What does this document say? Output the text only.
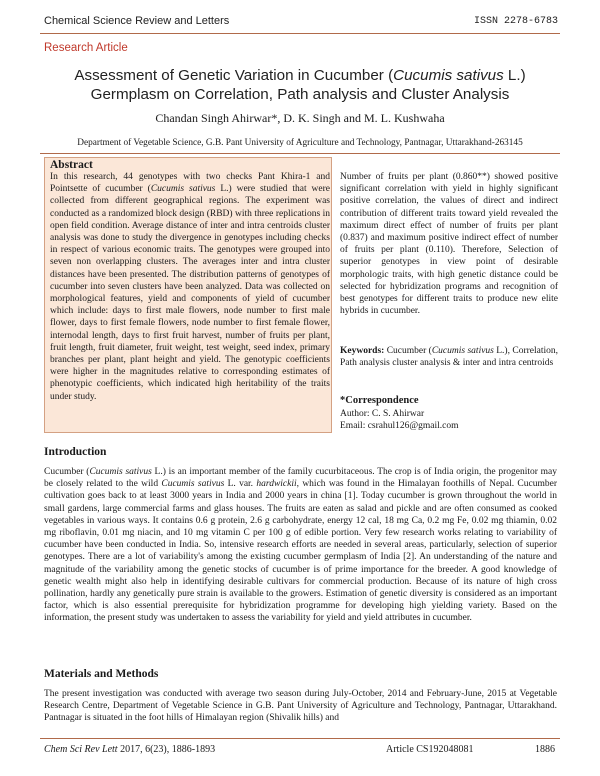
Chemical Science Review and Letters	ISSN 2278-6783
Research Article
Assessment of Genetic Variation in Cucumber (Cucumis sativus L.)
Germplasm on Correlation, Path analysis and Cluster Analysis
Chandan Singh Ahirwar*, D. K. Singh and M. L. Kushwaha
Department of Vegetable Science, G.B. Pant University of Agriculture and Technology, Pantnagar, Uttarakhand-263145
Abstract
In this research, 44 genotypes with two checks Pant Khira-1 and Pointsette of cucumber (Cucumis sativus L.) were studied that were collected from different geographical regions. The experiment was conducted as a randomized block design (RBD) with three replications in open field condition. Average distance of inter and intra centroids cluster analysis was done to study the divergence in genotypes including checks in respect of various economic traits. The genotypes were grouped into seven non overlapping clusters. The averages inter and intra cluster distances have been presented. The distribution patterns of genotypes of cucumber into seven clusters have been analyzed. Data was collected on morphological features, yield and components of yield of cucumber which include: days to first male flowers, node number to first male flower, days to first female flowers, node number to first female flower, internodal length, days to first fruit harvest, number of fruits per plant, fruit length, fruit diameter, fruit weight, test weight, seed index, primary branches per plant, plant height and yield. The genotypic coefficients were higher in the magnitudes relative to corresponding estimates of phenotypic coefficients, which indicated high heritability of the traits under study.
Number of fruits per plant (0.860**) showed positive significant correlation with yield in highly significant positive correlation, the values of direct and indirect contribution of different traits toward yield revealed the maximum direct effect of number of fruits per plant (0.837) and maximum positive indirect effect of number of fruits per plant (0.110). Therefore, Selection of superior genotypes in view point of desirable morphologic traits, with high genetic distance could be selected for hybridization programs and recognition of best genotypes for different traits to produce new elite hybrids in cucumber.
Keywords: Cucumber (Cucumis sativus L.), Correlation, Path analysis cluster analysis & inter and intra centroids
*Correspondence
Author: C. S. Ahirwar
Email: csrahul126@gmail.com
Introduction
Cucumber (Cucumis sativus L.) is an important member of the family cucurbitaceous. The crop is of India origin, the progenitor may be closely related to the wild Cucumis sativus L. var. hardwickii, which was found in the Himalayan foothills of Nepal. Cucumber cultivation goes back to at least 3000 years in India and 2000 years in china [1]. Today cucumber is grown throughout the world in small gardens, large commercial farms and glass houses. The fruits are eaten as salad and pickle and are often consumed as cooked vegetables in various ways. It contains 0.6 g protein, 2.6 g carbohydrate, energy 12 cal, 18 mg Ca, 0.2 mg Fe, 0.02 mg thiamin, 0.02 mg riboflavin, 0.01 mg niacin, and 10 mg vitamin C per 100 g of edible portion. Very few research works relating to variability of cucumber have been conducted in India. So, intensive research efforts are needed in several areas, particularly, selection of superior genotypes. There are a lot of variability's among the existing cucumber germplasm of India [2]. An understanding of the nature and magnitude of the variability among the genetic stocks of cucumber is of prime importance for the breeder. A good knowledge of genetic wealth might also help in identifying desirable cultivars for commercial production. Because of its nature of high cross pollination, hardly any genetically pure strain is available to the growers. Estimation of genetic diversity is considered as an important factor, which is also essential prerequisite for hybridization programme for developing high yielding variety. Based on the information, the present study was undertaken to assess the variability for yield and yield attributes in cucumber.
Materials and Methods
The present investigation was conducted with average two season during July-October, 2014 and February-June, 2015 at Vegetable Research Centre, Department of Vegetable Science in G.B. Pant University of Agriculture and Technology, Pantnagar, Uttarakhand. Pantnagar is situated in the foot hills of Himalayan region (Shivalik hills) and
Chem Sci Rev Lett 2017, 6(23), 1886-1893	Article CS192048081	1886
